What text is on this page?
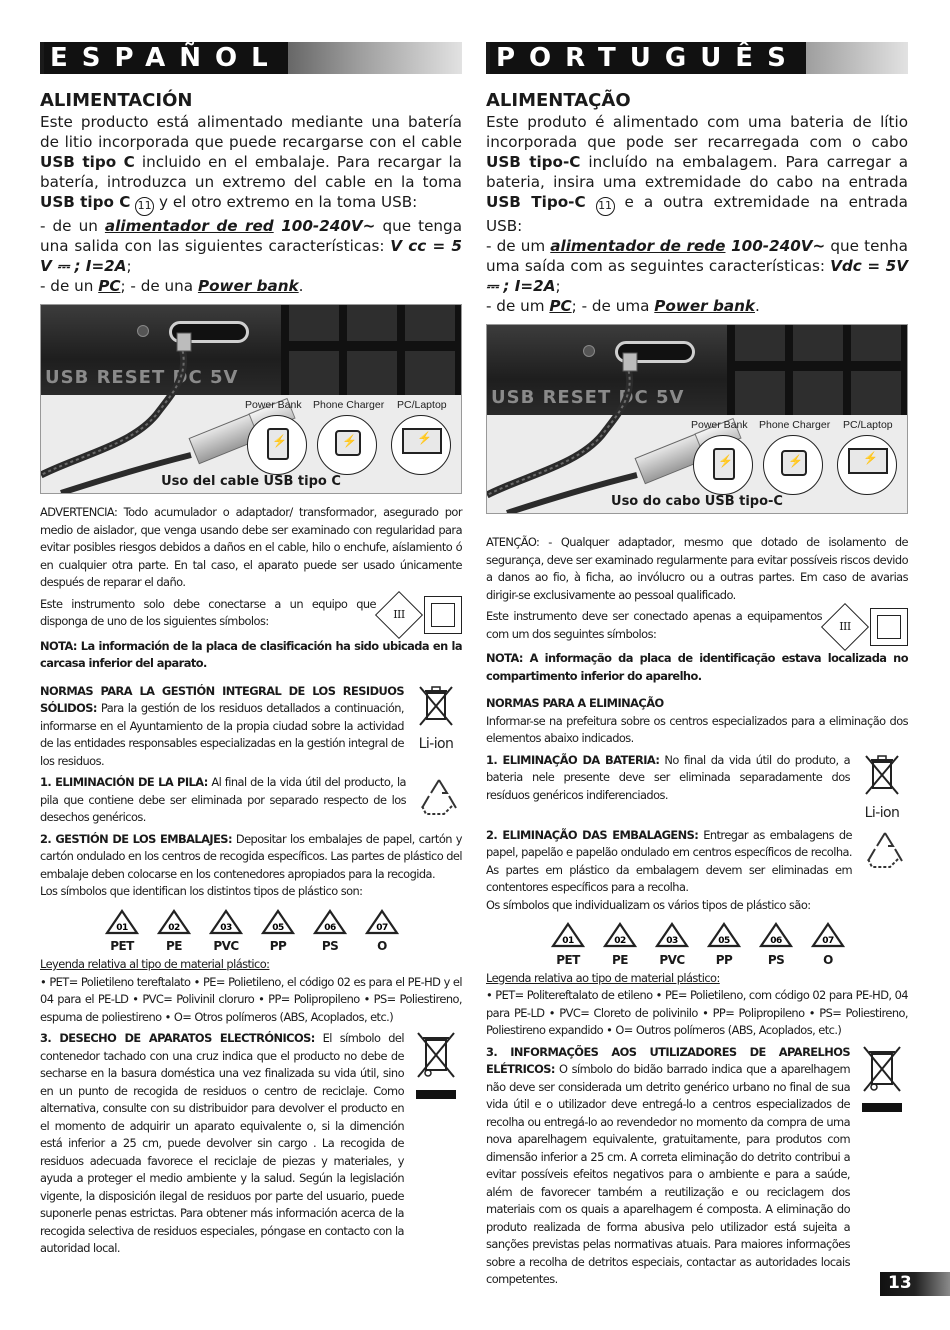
ESPAÑOL
ALIMENTACIÓN
Este producto está alimentado mediante una batería de litio incorporada que puede recargarse con el cable USB tipo C incluido en el embalaje. Para recargar la batería, introduzca un extremo del cable en la toma USB tipo C 11 y el otro extremo en la toma USB:
- de un alimentador de red 100-240V~ que tenga una salida con las siguientes características: V cc = 5 V ⎓ ; I=2A;
- de un PC; - de una Power bank.
USB RESET DC 5V
Power Bank Phone Charger PC/Laptop
⚡	⚡	⚡
Uso del cable USB tipo C

ADVERTENCIA: Todo acumulador o adaptador/ transformador, asegurado por medio de aislador, que venga usando debe ser examinado con regularidad para evitar posibles riesgos debidos a daños en el cable, hilo o enchufe, aíslamiento ó en cualquier otra parte. En tal caso, el aparato puede ser usado únicamente después de reparar el daño.

Este instrumento solo debe conectarse a un equipo que disponga de uno de los siguientes símbolos:	III

NOTA: La información de la placa de clasificación ha sido ubicada en la carcasa inferior del aparato.

NORMAS PARA LA GESTIÓN INTEGRAL DE LOS RESIDUOS SÓLIDOS: Para la gestión de los residuos detallados a continuación, informarse en el Ayuntamiento de la propia ciudad sobre la actividad de las entidades responsables especializadas en la gestión integral de los residuos.

Li-ion

1. ELIMINACIÓN DE LA PILA: Al final de la vida útil del producto, la pila que contiene debe ser eliminada por separado respecto de los desechos genéricos.

2. GESTIÓN DE LOS EMBALAJES: Depositar los embalajes de papel, cartón y cartón ondulado en los centros de recogida específicos. Las partes de plástico del embalaje deben colocarse en los contenedores apropiados para la recogida.

Los símbolos que identifican los distintos tipos de plástico son:

01
PET
02
PE
03
PVC
05
PP
06
PS
07
O

Leyenda relativa al tipo de material plástico:

• PET= Polietileno tereftalato • PE= Polietileno, el código 02 es para el PE-HD y el 04 para el PE-LD • PVC= Polivinil cloruro • PP= Polipropileno • PS= Poliestireno, espuma de poliestireno • O= Otros polímeros (ABS, Acoplados, etc.)

3. DESECHO DE APARATOS ELECTRÓNICOS: El símbolo del contenedor tachado con una cruz indica que el producto no debe de secharse en la basura doméstica una vez finalizada su vida útil, sino en un punto de recogida de residuos o centro de reciclaje. Como alternativa, consulte con su distribuidor para devolver el producto en el momento de adquirir un aparato equivalente o, si la dimención está inferior a 25 cm, puede devolver sin cargo . La recogida de residuos adecuada favorece el reciclaje de piezas y materiales, y ayuda a proteger el medio ambiente y la salud. Según la legislación vigente, la disposición ilegal de residuos por parte del usuario, puede suponerle penas estrictas. Para obtener más información acerca de la recogida selectiva de residuos especiales, póngase en contacto con la autoridad local.

PORTUGUÊS
ALIMENTAÇÃO
Este produto é alimentado com uma bateria de lítio incorporada que pode ser recarregada com o cabo USB tipo-C incluído na embalagem. Para carregar a bateria, insira uma extremidade do cabo na entrada USB Tipo-C 11 e a outra extremidade na entrada USB:
- de um alimentador de rede 100-240V~ que tenha uma saída com as seguintes características: Vdc = 5V ⎓ ; I=2A;
- de um PC; - de uma Power bank.
USB RESET DC 5V
Power Bank Phone Charger PC/Laptop
⚡	⚡	⚡
Uso do cabo USB tipo-C

ATENÇÃO: - Qualquer adaptador, mesmo que dotado de isolamento de segurança, deve ser examinado regularmente para evitar possíveis riscos devido a danos ao fio, à ficha, ao invólucro ou a outras partes. Em caso de avarias dirigir-se exclusivamente ao pessoal qualificado.

Este instrumento deve ser conectado apenas a equipamentos com um dos seguintes símbolos:	III

NOTA: A informação da placa de identificação estava localizada no compartimento inferior do aparelho.

NORMAS PARA A ELIMINAÇÃO

Informar-se na prefeitura sobre os centros especializados para a eliminação dos elementos abaixo indicados.

1. ELIMINAÇÃO DA BATERIA: No final da vida útil do produto, a bateria nele presente deve ser eliminada separadamente dos resíduos genéricos indiferenciados.

Li-ion

2. ELIMINAÇÃO DAS EMBALAGENS: Entregar as embalagens de papel, papelão e papelão ondulado em centros específicos de recolha. As partes em plástico da embalagem devem ser eliminadas em contentores específicos para a recolha.

Os símbolos que individualizam os vários tipos de plástico são:

01
PET
02
PE
03
PVC
05
PP
06
PS
07
O

Legenda relativa ao tipo de material plástico:

• PET= Politereftalato de etileno • PE= Polietileno, com código 02 para PE-HD, 04 para PE-LD • PVC= Cloreto de polivinilo • PP= Polipropileno • PS= Poliestireno, Poliestireno expandido • O= Outros polímeros (ABS, Acoplados, etc.)

3. INFORMAÇÕES AOS UTILIZADORES DE APARELHOS ELÉTRICOS: O símbolo do bidão barrado indica que a aparelhagem não deve ser considerada um detrito genérico urbano no final de sua vida útil e o utilizador deve entregá-lo a centros especializados de recolha ou entregá-lo ao revendedor no momento da compra de uma nova aparelhagem equivalente, gratuitamente, para produtos com dimensão inferior a 25 cm. A correta eliminação do detrito contribui a evitar possíveis efeitos negativos para o ambiente e para a saúde, além de favorecer também a reutilização e ou reciclagem dos materiais com os quais a aparelhagem é composta. A eliminação do produto realizada de forma abusiva pelo utilizador está sujeita a sanções previstas pelas normativas atuais. Para maiores informações sobre a recolha de detritos especiais, contactar as autoridades locais competentes.	13
